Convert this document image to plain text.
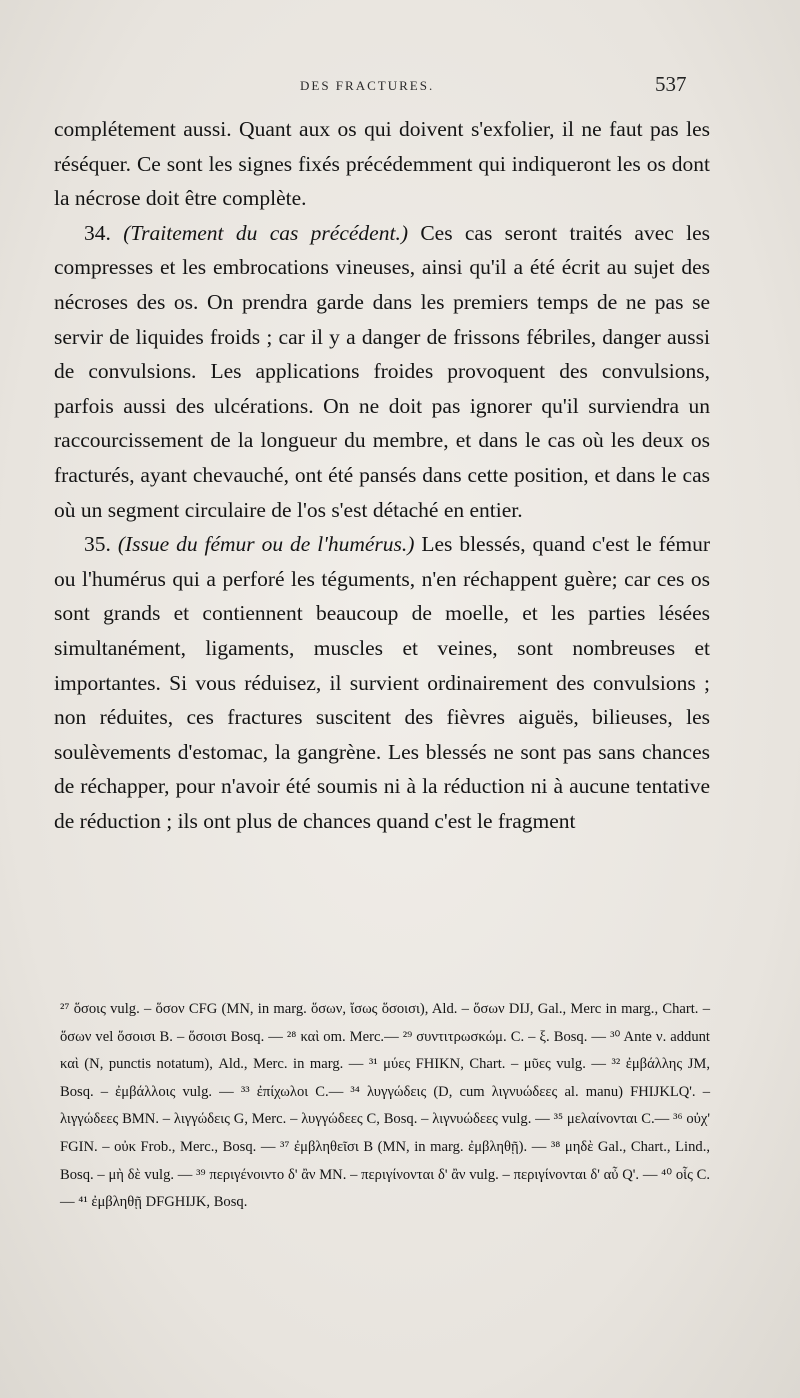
DES FRACTURES.	537

complétement aussi. Quant aux os qui doivent s'exfolier, il ne faut pas les réséquer. Ce sont les signes fixés précédemment qui indiqueront les os dont la nécrose doit être complète.

34. (Traitement du cas précédent.) Ces cas seront traités avec les compresses et les embrocations vineuses, ainsi qu'il a été écrit au sujet des nécroses des os. On prendra garde dans les premiers temps de ne pas se servir de liquides froids ; car il y a danger de frissons fébriles, danger aussi de convulsions. Les applications froides provoquent des convulsions, parfois aussi des ulcérations. On ne doit pas ignorer qu'il surviendra un raccourcissement de la longueur du membre, et dans le cas où les deux os fracturés, ayant chevauché, ont été pansés dans cette position, et dans le cas où un segment circulaire de l'os s'est détaché en entier.

35. (Issue du fémur ou de l'humérus.) Les blessés, quand c'est le fémur ou l'humérus qui a perforé les téguments, n'en réchappent guère; car ces os sont grands et contiennent beaucoup de moelle, et les parties lésées simultanément, ligaments, muscles et veines, sont nombreuses et importantes. Si vous réduisez, il survient ordinairement des convulsions ; non réduites, ces fractures suscitent des fièvres aiguës, bilieuses, les soulèvements d'estomac, la gangrène. Les blessés ne sont pas sans chances de réchapper, pour n'avoir été soumis ni à la réduction ni à aucune tentative de réduction ; ils ont plus de chances quand c'est le fragment

²⁷ ὅσοις vulg. – ὅσον CFG (MN, in marg. ὅσων, ἴσως ὅσοισι), Ald. – ὅσων DIJ, Gal., Merc in marg., Chart. – ὅσων vel ὅσοισι B. – ὅσοισι Bosq. — ²⁸ καὶ om. Merc.— ²⁹ συντιτρωσκώμ. C. – ξ. Bosq. — ³⁰ Ante ν. addunt καὶ (N, punctis notatum), Ald., Merc. in marg. — ³¹ μύες FHIKN, Chart. – μῦες vulg. — ³² ἐμβάλλης JM, Bosq. – ἐμβάλλοις vulg. — ³³ ἐπίχωλοι C.— ³⁴ λυγγώδεις (D, cum λιγνυώδεες al. manu) FHIJKLQ'. – λιγγώδεες BMN. – λιγγώδεις G, Merc. – λυγγώδεες C, Bosq. – λιγνυώδεες vulg. — ³⁵ μελαίνονται C.— ³⁶ οὐχ' FGIN. – οὐκ Frob., Merc., Bosq. — ³⁷ ἐμβληθεῖσι B (MN, in marg. ἐμβληθῇ). — ³⁸ μηδὲ Gal., Chart., Lind., Bosq. – μὴ δὲ vulg. — ³⁹ περιγένοιντο δ' ἂν MN. – περιγίνονται δ' ἂν vulg. – περιγίνονται δ' αὖ Q'. — ⁴⁰ οἷς C. — ⁴¹ ἐμβληθῇ DFGHIJK, Bosq.
